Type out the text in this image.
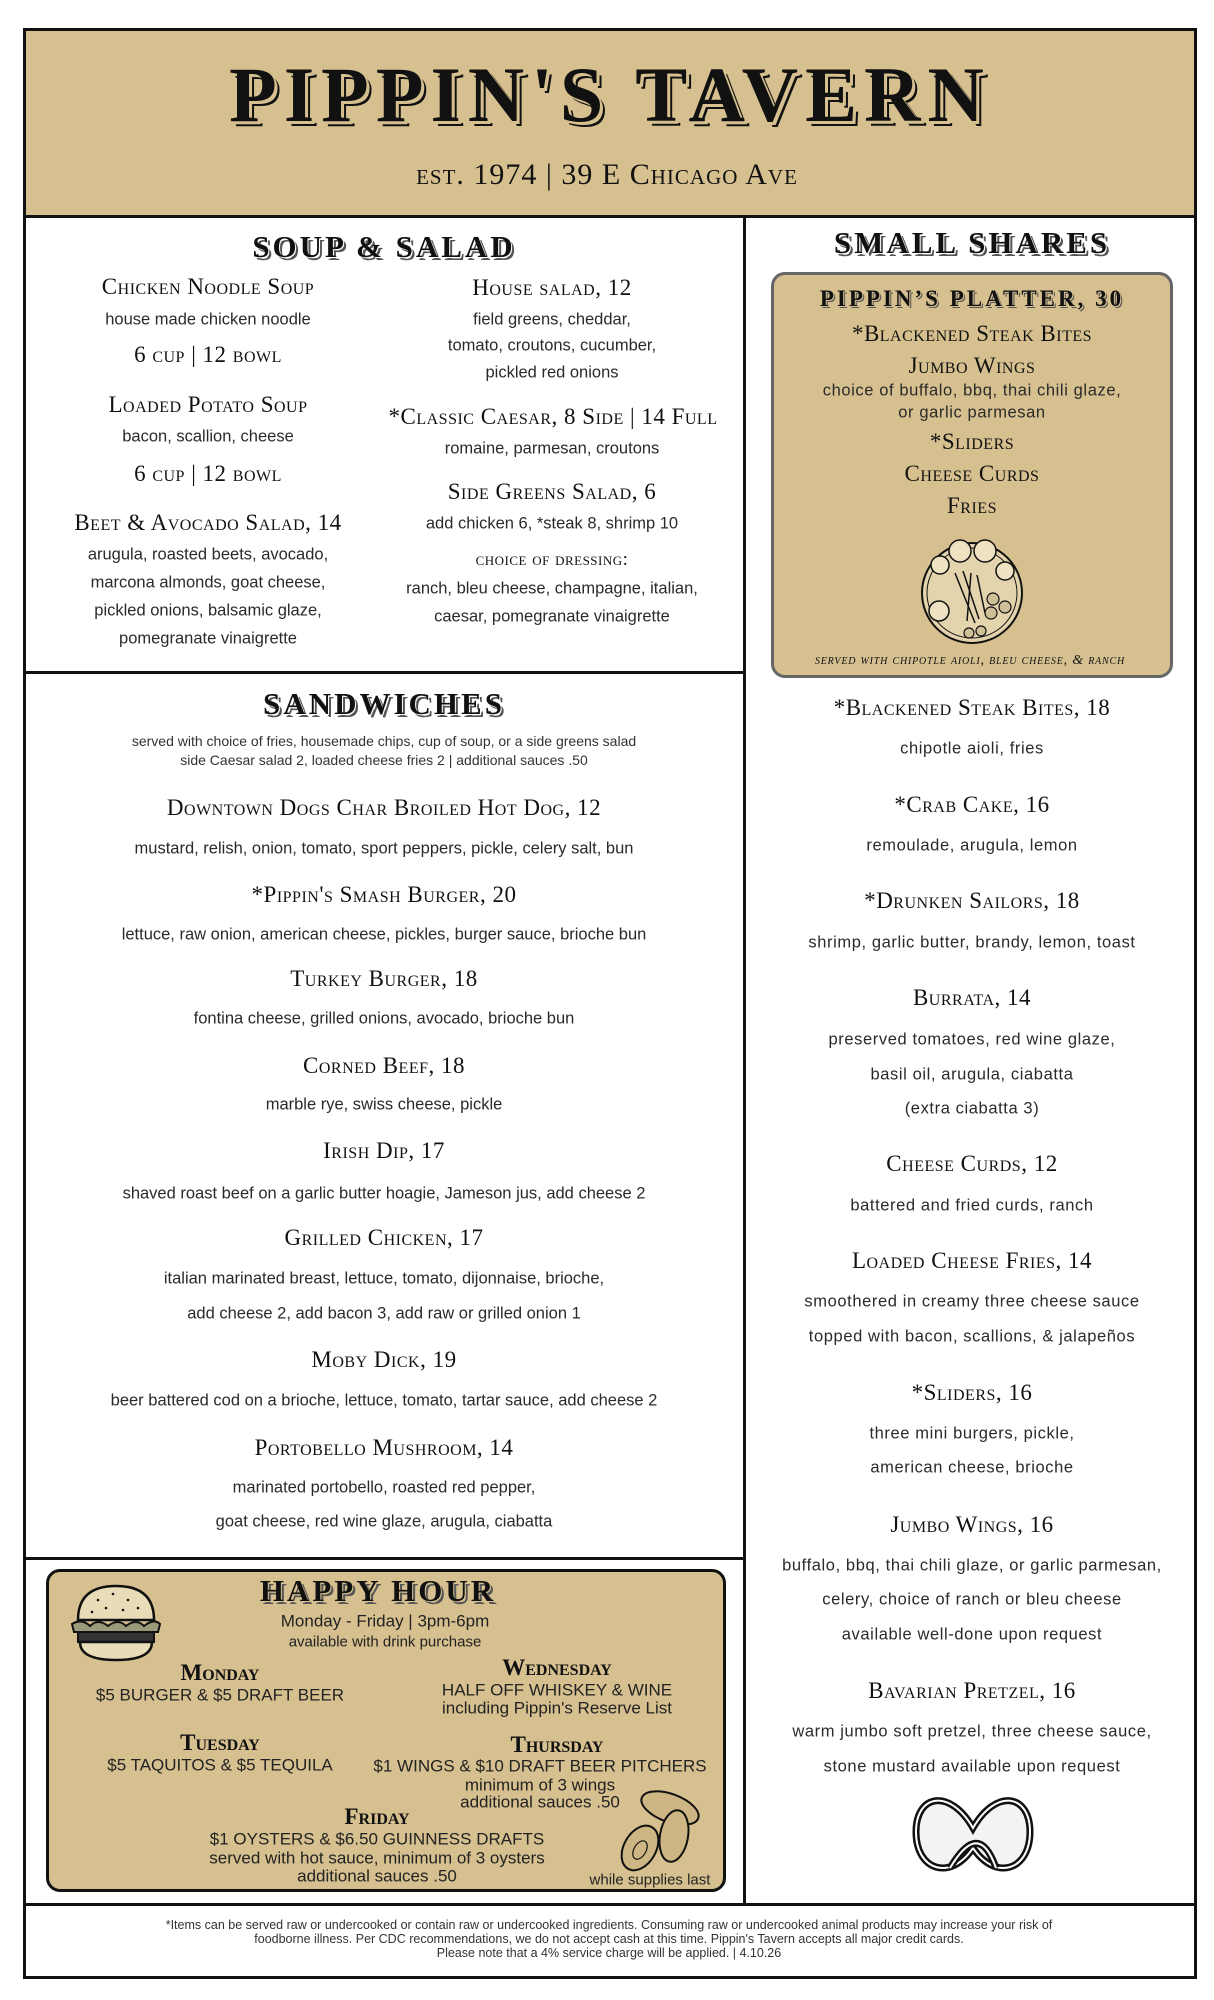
PIPPIN'S TAVERN
est. 1974 | 39 E Chicago Ave
SOUP & SALAD
Chicken Noodle Soup
house made chicken noodle
6 cup | 12 bowl
Loaded Potato Soup
bacon, scallion, cheese
6 cup | 12 bowl
Beet & Avocado Salad, 14
arugula, roasted beets, avocado,
marcona almonds, goat cheese,
pickled onions, balsamic glaze,
pomegranate vinaigrette
House salad, 12
field greens, cheddar,
tomato, croutons, cucumber,
pickled red onions
*Classic Caesar, 8 Side | 14 Full
romaine, parmesan, croutons
Side Greens Salad, 6
add chicken 6, *steak 8, shrimp 10
choice of dressing:
ranch, bleu cheese, champagne, italian,
caesar, pomegranate vinaigrette
SANDWICHES
served with choice of fries, housemade chips, cup of soup, or a side greens salad
side Caesar salad 2, loaded cheese fries 2 | additional sauces .50
Downtown Dogs Char Broiled Hot Dog, 12
mustard, relish, onion, tomato, sport peppers, pickle, celery salt, bun
*Pippin's Smash Burger, 20
lettuce, raw onion, american cheese, pickles, burger sauce, brioche bun
Turkey Burger, 18
fontina cheese, grilled onions, avocado, brioche bun
Corned Beef, 18
marble rye, swiss cheese, pickle
Irish Dip, 17
shaved roast beef on a garlic butter hoagie, Jameson jus, add cheese 2
Grilled Chicken, 17
italian marinated breast, lettuce, tomato, dijonnaise, brioche,
add cheese 2, add bacon 3, add raw or grilled onion 1
Moby Dick, 19
beer battered cod on a brioche, lettuce, tomato, tartar sauce, add cheese 2
Portobello Mushroom, 14
marinated portobello, roasted red pepper,
goat cheese, red wine glaze, arugula, ciabatta
HAPPY HOUR
Monday - Friday | 3pm-6pm
available with drink purchase
Monday
$5 BURGER & $5 DRAFT BEER
Wednesday
HALF OFF WHISKEY & WINE
including Pippin's Reserve List
Tuesday
$5 TAQUITOS & $5 TEQUILA
Thursday
$1 WINGS & $10 DRAFT BEER PITCHERS
minimum of 3 wings
additional sauces .50
Friday
$1 OYSTERS & $6.50 GUINNESS DRAFTS
served with hot sauce, minimum of 3 oysters
additional sauces .50	while supplies last
SMALL SHARES
PIPPIN’S PLATTER, 30
*Blackened Steak Bites
Jumbo Wings
choice of buffalo, bbq, thai chili glaze,
or garlic parmesan
*Sliders
Cheese Curds
Fries
served with chipotle aioli, bleu cheese, & ranch
*Blackened Steak Bites, 18
chipotle aioli, fries
*Crab Cake, 16
remoulade, arugula, lemon
*Drunken Sailors, 18
shrimp, garlic butter, brandy, lemon, toast
Burrata, 14
preserved tomatoes, red wine glaze,
basil oil, arugula, ciabatta
(extra ciabatta 3)
Cheese Curds, 12
battered and fried curds, ranch
Loaded Cheese Fries, 14
smoothered in creamy three cheese sauce
topped with bacon, scallions, & jalapeños
*Sliders, 16
three mini burgers, pickle,
american cheese, brioche
Jumbo Wings, 16
buffalo, bbq, thai chili glaze, or garlic parmesan,
celery, choice of ranch or bleu cheese
available well-done upon request
Bavarian Pretzel, 16
warm jumbo soft pretzel, three cheese sauce,
stone mustard available upon request
*Items can be served raw or undercooked or contain raw or undercooked ingredients. Consuming raw or undercooked animal products may increase your risk of
foodborne illness. Per CDC recommendations, we do not accept cash at this time. Pippin's Tavern accepts all major credit cards.
Please note that a 4% service charge will be applied. | 4.10.26
